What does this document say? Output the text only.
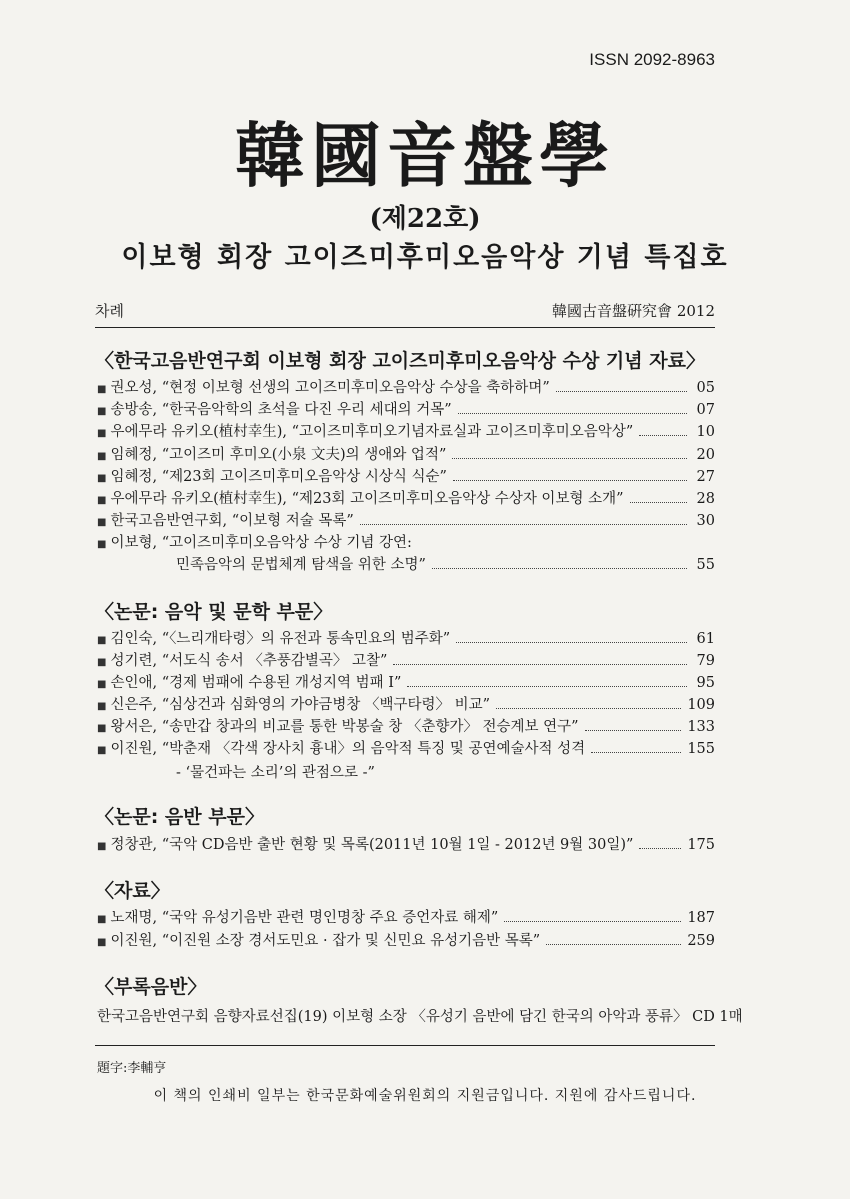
ISSN 2092-8963
韓國音盤學
(제22호)
이보형 회장 고이즈미후미오음악상 기념 특집호
차례	韓國古音盤硏究會 2012
〈한국고음반연구회 이보형 회장 고이즈미후미오음악상 수상 기념 자료〉
■ 권오성, “현정 이보형 선생의 고이즈미후미오음악상 수상을 축하하며”	05
■ 송방송, “한국음악학의 초석을 다진 우리 세대의 거목”	07
■ 우에무라 유키오(植村幸生), “고이즈미후미오기념자료실과 고이즈미후미오음악상”	10
■ 임혜정, “고이즈미 후미오(小泉 文夫)의 생애와 업적”	20
■ 임혜정, “제23회 고이즈미후미오음악상 시상식 식순”	27
■ 우에무라 유키오(植村幸生), “제23회 고이즈미후미오음악상 수상자 이보형 소개”	28
■ 한국고음반연구회, “이보형 저술 목록”	30
■ 이보형, “고이즈미후미오음악상 수상 기념 강연:
민족음악의 문법체계 탐색을 위한 소명”	55
〈논문: 음악 및 문학 부문〉
■ 김인숙, “〈느리개타령〉의 유전과 통속민요의 범주화”	61
■ 성기련, “서도식 송서 〈추풍감별곡〉 고찰”	79
■ 손인애, “경제 범패에 수용된 개성지역 범패 Ⅰ”	95
■ 신은주, “심상건과 심화영의 가야금병창 〈백구타령〉 비교”	109
■ 왕서은, “송만갑 창과의 비교를 통한 박봉술 창 〈춘향가〉 전승계보 연구”	133
■ 이진원, “박춘재 〈각색 장사치 흉내〉의 음악적 특징 및 공연예술사적 성격	155
- ‘물건파는 소리’의 관점으로 -”
〈논문: 음반 부문〉
■ 정창관, “국악 CD음반 출반 현황 및 목록(2011년 10월 1일 - 2012년 9월 30일)”	175
〈자료〉
■ 노재명, “국악 유성기음반 관련 명인명창 주요 증언자료 해제”	187
■ 이진원, “이진원 소장 경서도민요 · 잡가 및 신민요 유성기음반 목록”	259
〈부록음반〉
한국고음반연구회 음향자료선집(19) 이보형 소장 〈유성기 음반에 담긴 한국의 아악과 풍류〉 CD 1매
題字:李輔亨
이 책의 인쇄비 일부는 한국문화예술위원회의 지원금입니다. 지원에 감사드립니다.
